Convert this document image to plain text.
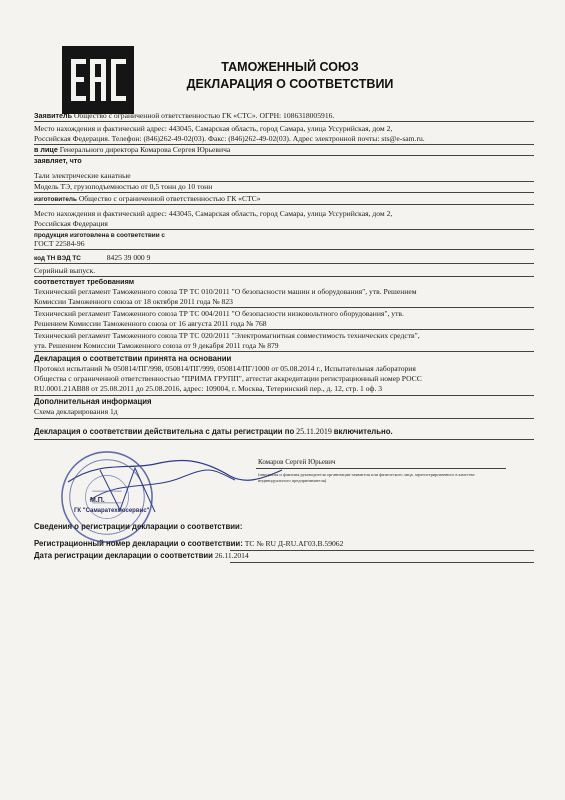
ТАМОЖЕННЫЙ СОЮЗ
ДЕКЛАРАЦИЯ О СООТВЕТСТВИИ
Заявитель Общество с ограниченной ответственностью ГК «СТС». ОГРН: 1086318005916.
Место нахождения и фактический адрес: 443045, Самарская область, город Самара, улица Уссурийская, дом 2,
Российская Федерация. Телефон: (846)262-49-02(03). Факс: (846)262-49-02(03). Адрес электронной почты: sts@e-sam.ru.
в лице Генерального директора Комарова Сергея Юрьевича
заявляет, что
Тали электрические канатные
Модель ТЭ, грузоподъемностью от 0,5 тонн до 10 тонн
изготовитель Общество с ограниченной ответственностью ГК «СТС»
Место нахождения и фактический адрес: 443045, Самарская область, город Самара, улица Уссурийская, дом 2,
Российская Федерация
продукция изготовлена в соответствии с
ГОСТ 22584-96
код ТН ВЭД ТС	8425 39 000 9
Серийный выпуск.
соответствует требованиям
Технический регламент Таможенного союза ТР ТС 010/2011 "О безопасности машин и оборудования", утв. Решением
Комиссии Таможенного союза от 18 октября 2011 года № 823
Технический регламент Таможенного союза ТР ТС 004/2011 "О безопасности низковольтного оборудования", утв.
Решением Комиссии Таможенного союза от 16 августа 2011 года № 768
Технический регламент Таможенного союза ТР ТС 020/2011 "Электромагнитная совместимость технических средств",
утв. Решением Комиссии Таможенного союза от 9 декабря 2011 года № 879
Декларация о соответствии принята на основании
Протокол испытаний № 050814/ПГ/998, 050814/ПГ/999, 050814/ПГ/1000 от 05.08.2014 г., Испытательная лаборатория
Общества с ограниченной ответственностью "ПРИМА ГРУПП", аттестат аккредитации регистрационный номер РОСС
RU.0001.21АВ88 от 25.08.2011 до 25.08.2016, адрес: 109004, г. Москва, Тетеринский пер., д. 12, стр. 1 оф. 3
Дополнительная информация
Схема декларирования 1д
Декларация о соответствии действительна с даты регистрации по 25.11.2019 включительно.
М.П.
ГК "Самаратехмосервис"
Комаров Сергей Юрьевич
(инициалы и фамилия руководителя организации-заявителя или физического лица, зарегистрированного в качестве
индивидуального предпринимателя)
Сведения о регистрации декларации о соответствии:
Регистрационный номер декларации о соответствии: ТС № RU Д-RU.АГ03.В.59062
Дата регистрации декларации о соответствии 26.11.2014
